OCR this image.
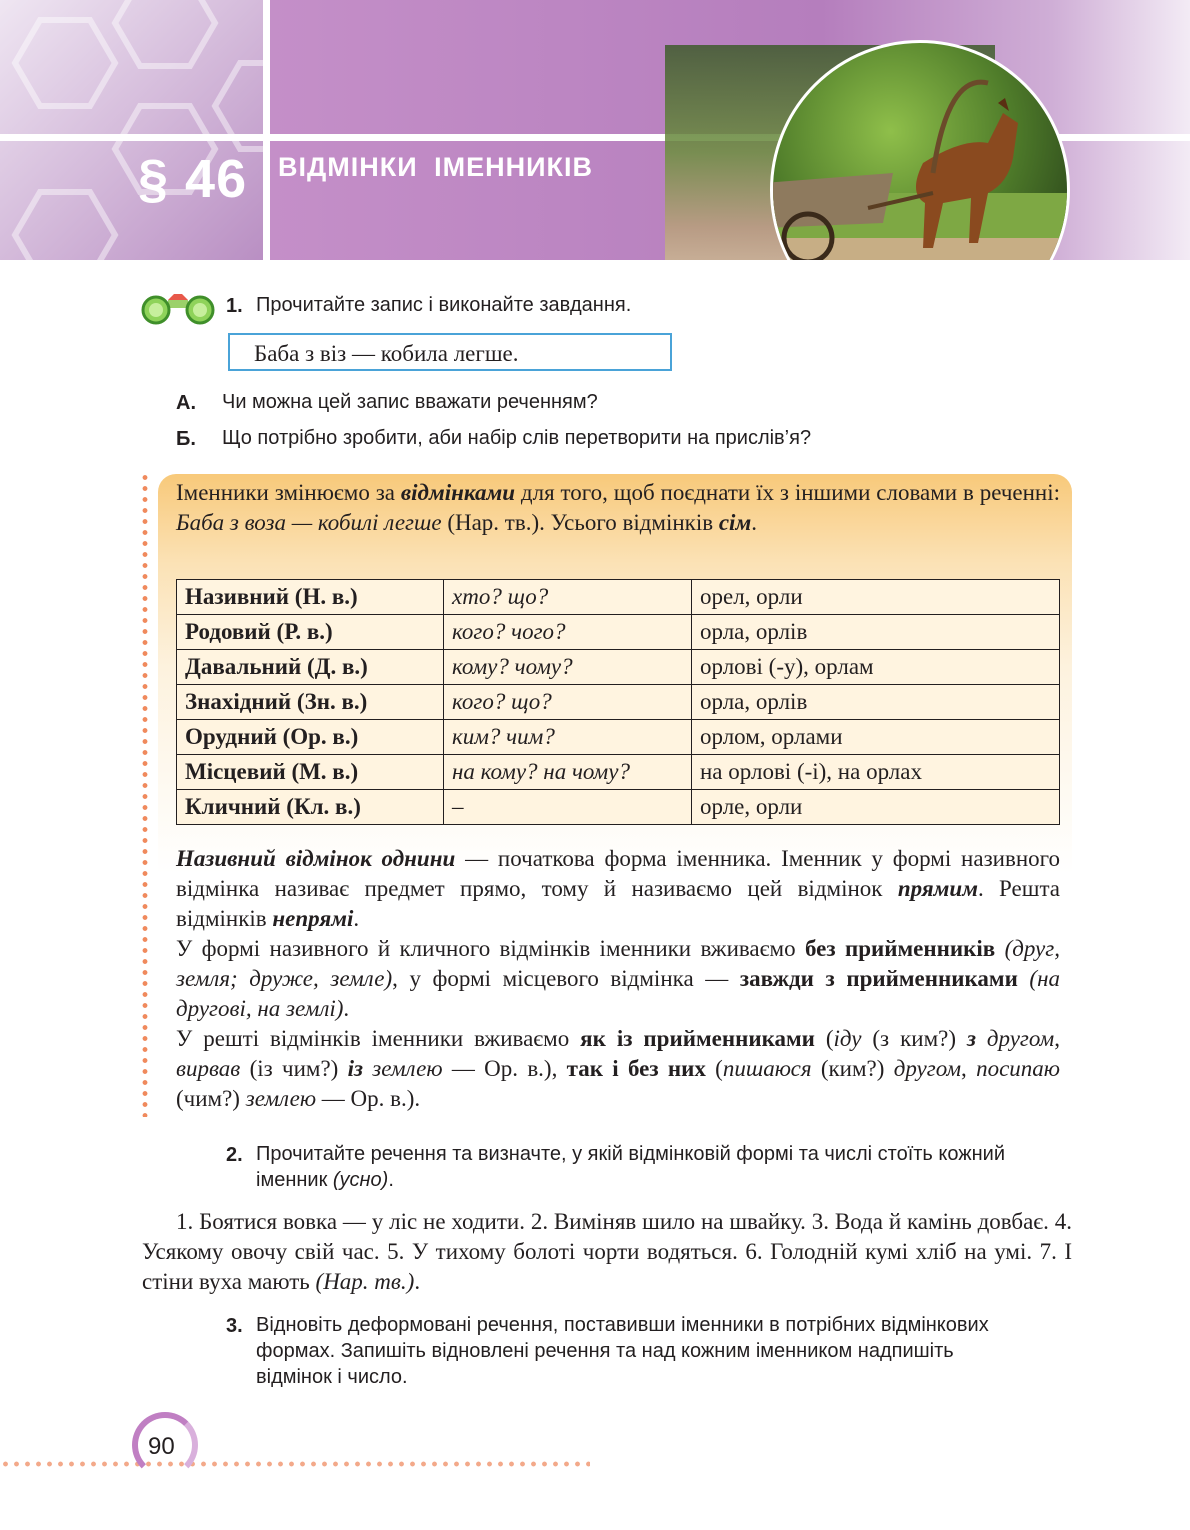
§ 46 ВІДМІНКИ ІМЕННИКІВ
1. Прочитайте запис і виконайте завдання.
Баба з віз — кобила легше.
А. Чи можна цей запис вважати реченням?
Б. Що потрібно зробити, аби набір слів перетворити на прислів’я?
Іменники змінюємо за відмінками для того, щоб поєднати їх з іншими словами в реченні: Баба з воза — кобилі легше (Нар. тв.). Усього відмінків сім.
Називний (Н. в.)	хто? що?	орел, орли
Родовий (Р. в.)	кого? чого?	орла, орлів
Давальний (Д. в.)	кому? чому?	орлові (-у), орлам
Знахідний (Зн. в.)	кого? що?	орла, орлів
Орудний (Ор. в.)	ким? чим?	орлом, орлами
Місцевий (М. в.)	на кому? на чому?	на орлові (-і), на орлах
Кличний (Кл. в.)	–	орле, орли
Називний відмінок однини — початкова форма іменника. Іменник у формі називного відмінка називає предмет прямо, тому й називаємо цей відмінок прямим. Решта відмінків непрямі.
У формі називного й кличного відмінків іменники вживаємо без прийменників (друг, земля; друже, земле), у формі місцевого відмінка — завжди з прийменниками (на другові, на землі).
У решті відмінків іменники вживаємо як із прийменниками (іду (з ким?) з другом, вирвав (із чим?) із землею — Ор. в.), так і без них (пишаюся (ким?) другом, посипаю (чим?) землею — Ор. в.).
2. Прочитайте речення та визначте, у якій відмінковій формі та числі стоїть кожний іменник (усно).
1. Боятися вовка — у ліс не ходити. 2. Виміняв шило на швайку. 3. Вода й камінь довбає. 4. Усякому овочу свій час. 5. У тихому болоті чорти водяться. 6. Голодній кумі хліб на умі. 7. І стіни вуха мають (Нар. тв.).
3. Відновіть деформовані речення, поставивши іменники в потрібних відмінкових формах. Запишіть відновлені речення та над кожним іменником надпишіть відмінок і число.
90
